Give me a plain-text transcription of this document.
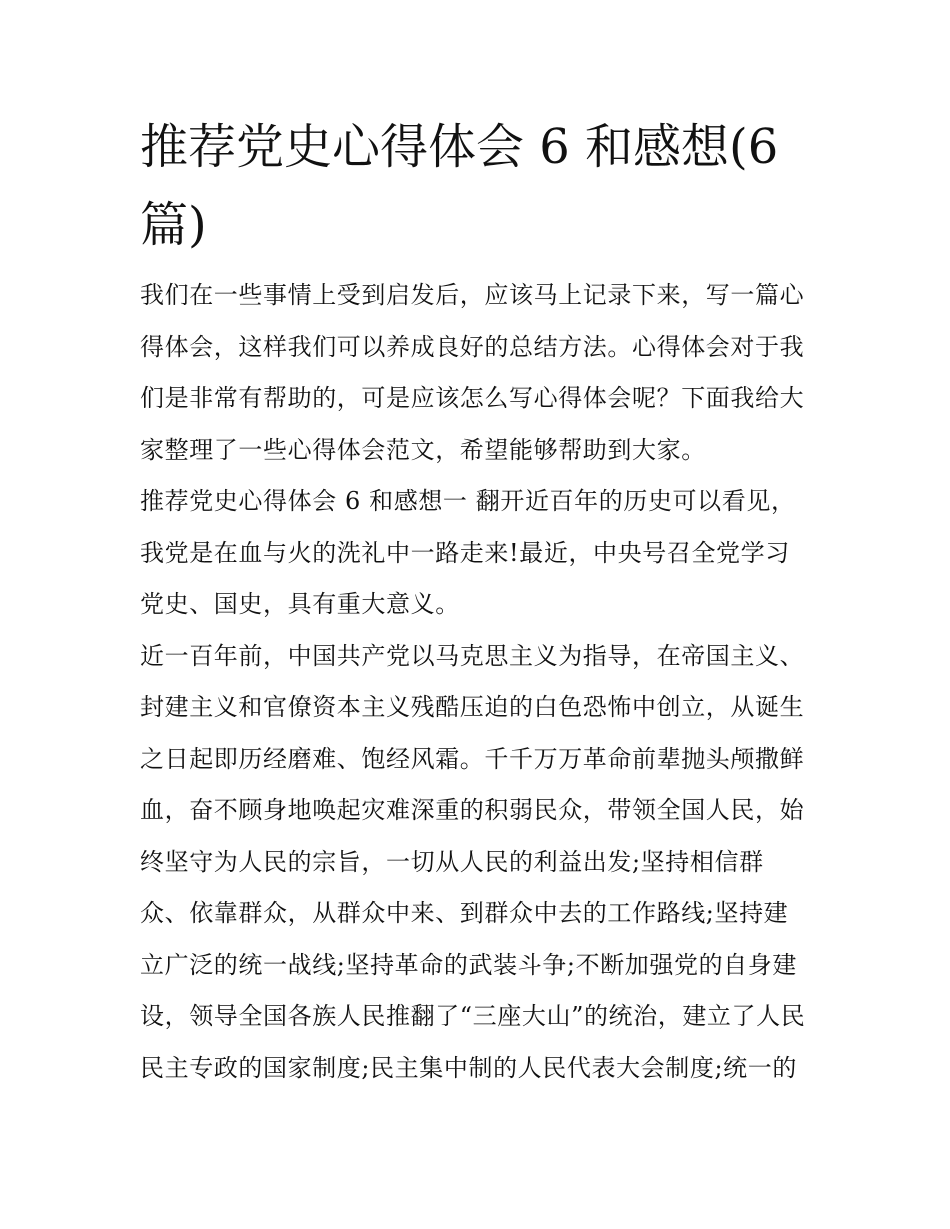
推荐党史心得体会 6 和感想(6
篇)
我们在一些事情上受到启发后，应该马上记录下来，写一篇心
得体会，这样我们可以养成良好的总结方法。心得体会对于我
们是非常有帮助的，可是应该怎么写心得体会呢？下面我给大
家整理了一些心得体会范文，希望能够帮助到大家。
推荐党史心得体会 6 和感想一 翻开近百年的历史可以看见，
我党是在血与火的洗礼中一路走来!最近，中央号召全党学习
党史、国史，具有重大意义。
近一百年前，中国共产党以马克思主义为指导，在帝国主义、
封建主义和官僚资本主义残酷压迫的白色恐怖中创立，从诞生
之日起即历经磨难、饱经风霜。千千万万革命前辈抛头颅撒鲜
血，奋不顾身地唤起灾难深重的积弱民众，带领全国人民，始
终坚守为人民的宗旨，一切从人民的利益出发;坚持相信群
众、依靠群众，从群众中来、到群众中去的工作路线;坚持建
立广泛的统一战线;坚持革命的武装斗争;不断加强党的自身建
设，领导全国各族人民推翻了“三座大山”的统治，建立了人民
民主专政的国家制度;民主集中制的人民代表大会制度;统一的
